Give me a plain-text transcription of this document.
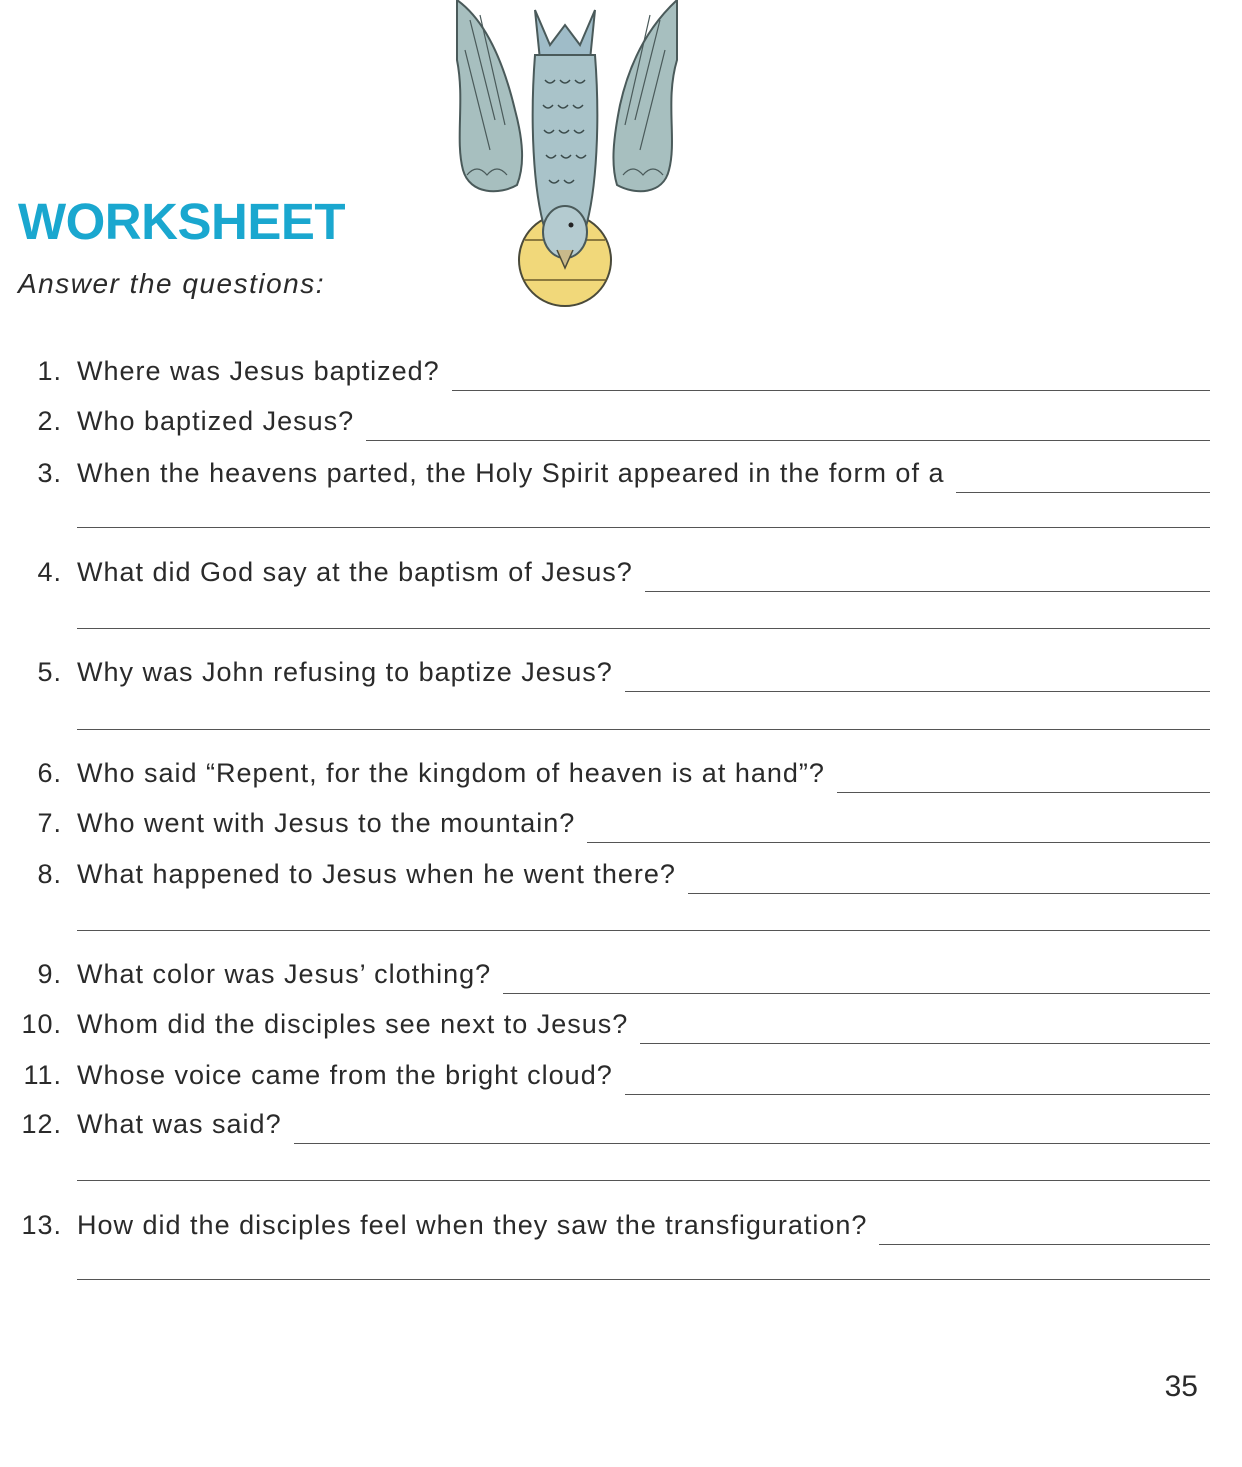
WORKSHEET
Answer the questions:
1. Where was Jesus baptized?
2. Who baptized Jesus?
3. When the heavens parted, the Holy Spirit appeared in the form of a
4. What did God say at the baptism of Jesus?
5. Why was John refusing to baptize Jesus?
6. Who said “Repent, for the kingdom of heaven is at hand”?
7. Who went with Jesus to the mountain?
8. What happened to Jesus when he went there?
9. What color was Jesus’ clothing?
10. Whom did the disciples see next to Jesus?
11. Whose voice came from the bright cloud?
12. What was said?
13. How did the disciples feel when they saw the transfiguration?
35
